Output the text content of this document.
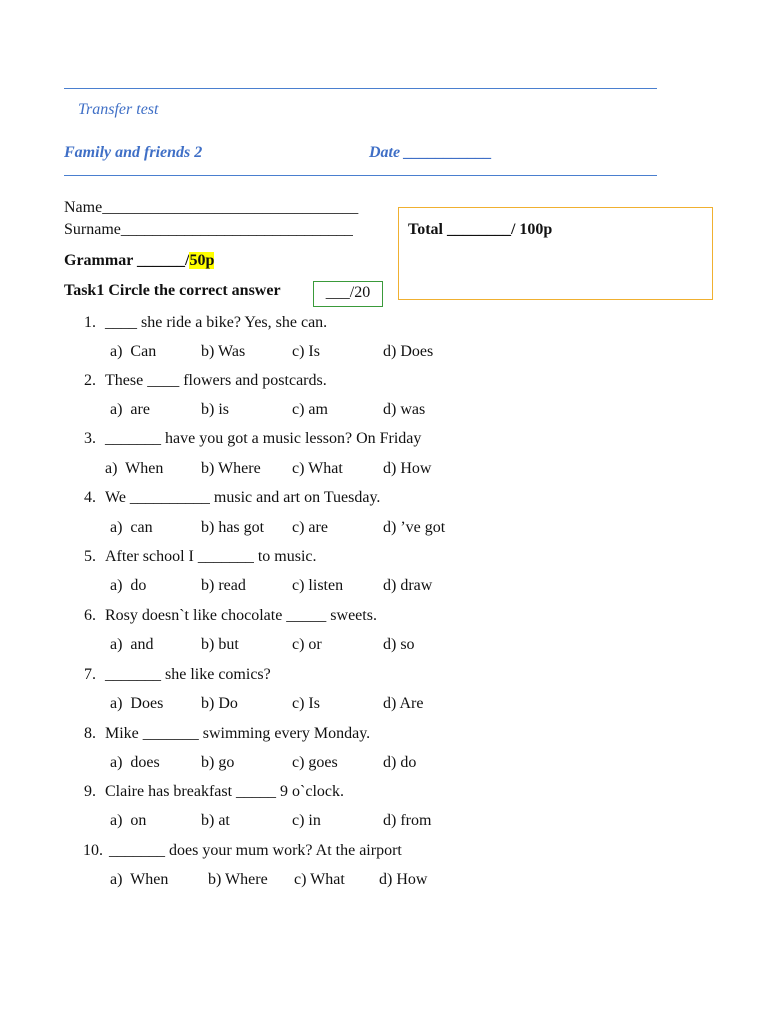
Transfer test
Family and friends 2	Date ___________
Name________________________________
Surname_____________________________	Total ________/ 100p
Grammar ______/50p
Task1 Circle the correct answer	___/20
1. ____ she ride a bike? Yes, she can.
a)  Can	b) Was	c) Is	d) Does
2. These ____ flowers and postcards.
a)  are	b) is	c) am	d) was
3. _______ have you got a music lesson? On Friday
a)  When b) Where c) What	d) How
4. We __________ music and art on Tuesday.
a)  can	b) has got c) are	d) ’ve got
5. After school I _______ to music.
a)  do	b) read	c) listen d) draw
6. Rosy doesn`t like chocolate _____ sweets.
a)  and	b) but	c) or	d) so
7. _______ she like comics?
a)  Does b) Do	c) Is	d) Are
8. Mike _______ swimming every Monday.
a)  does	b) go	c) goes	d) do
9. Claire has breakfast _____ 9 o`clock.
a)  on	b) at	c) in	d) from
10. _______ does your mum work? At the airport
a)  When b) Where c) What d) How
